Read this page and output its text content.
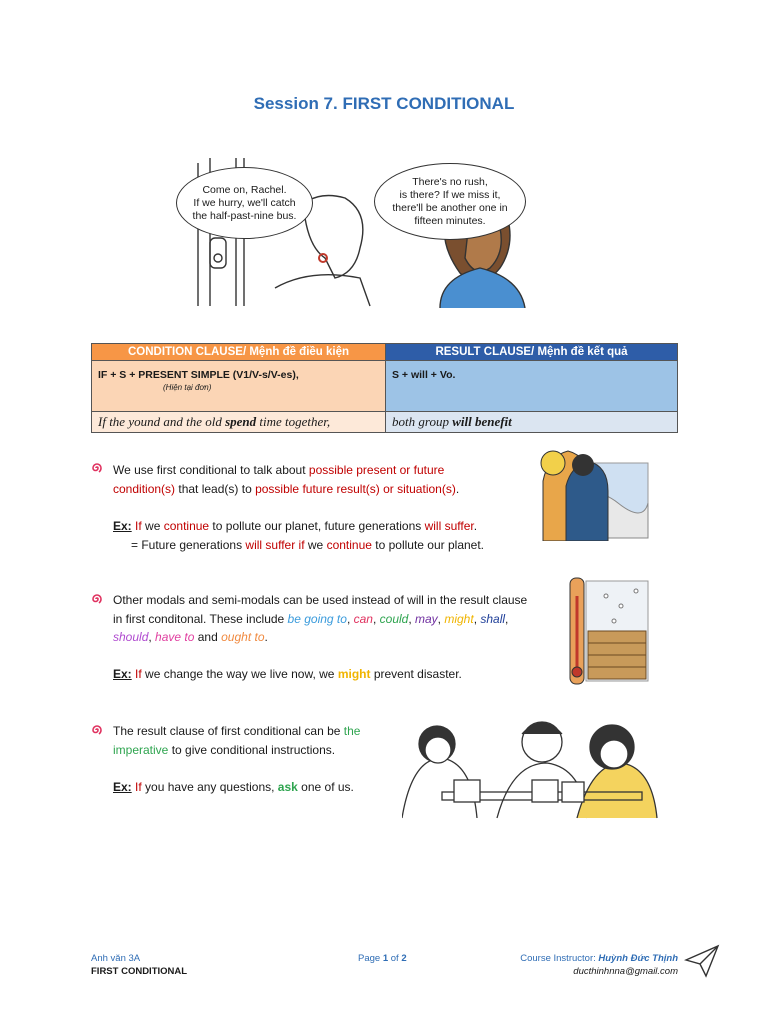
Session 7. FIRST CONDITIONAL
Come on, Rachel.
If we hurry, we'll catch
the half-past-nine bus.
There's no rush,
is there? If we miss it,
there'll be another one in
fifteen minutes.
CONDITION CLAUSE/ Mệnh đề điều kiện	RESULT CLAUSE/ Mệnh đề kết quả
IF + S + PRESENT SIMPLE (V1/V-s/V-es),
(Hiện tại đơn)	S + will + Vo.
If the yound and the old spend time together,	both group will benefit
We use first conditional to talk about possible present or future
condition(s) that lead(s) to possible future result(s) or situation(s).
Ex: If we continue to pollute our planet, future generations will suffer.
= Future generations will suffer if we continue to pollute our planet.
Other modals and semi-modals can be used instead of will in the result clause
in first conditonal. These include be going to, can, could, may, might, shall,
should, have to and ought to.
Ex: If we change the way we live now, we might prevent disaster.
The result clause of first conditional can be the
imperative to give conditional instructions.
Ex: If you have any questions, ask one of us.
Anh văn 3A
FIRST CONDITIONAL
Page 1 of 2	Course Instructor: Huỳnh Đức Thịnh
ducthinhnna@gmail.com
